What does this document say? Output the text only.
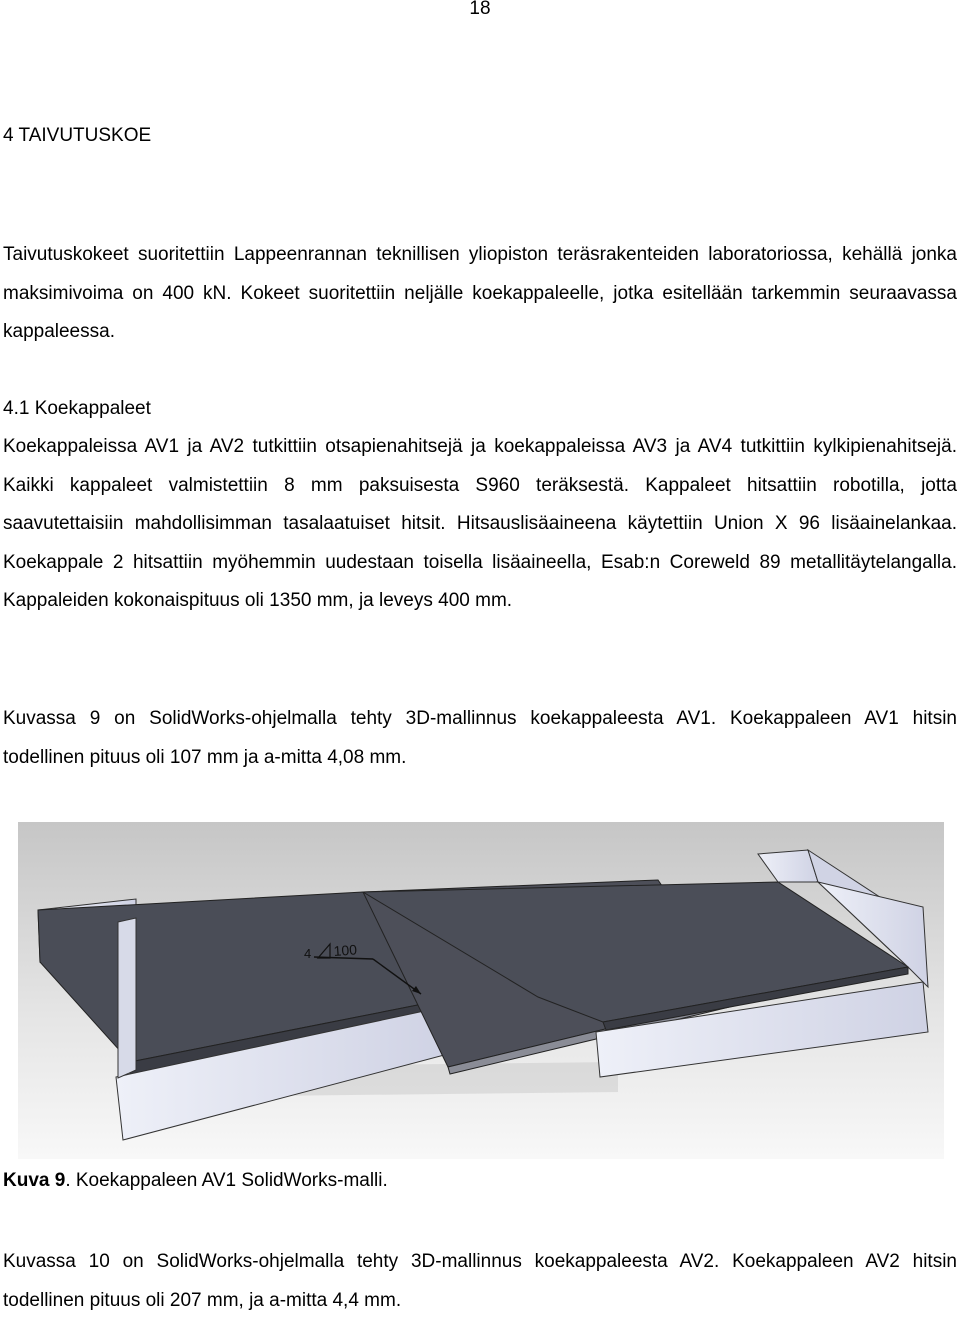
18
4 TAIVUTUSKOE

Taivutuskokeet suoritettiin Lappeenrannan teknillisen yliopiston teräsrakenteiden laboratoriossa, kehällä jonka maksimivoima on 400 kN. Kokeet suoritettiin neljälle koekappaleelle, jotka esitellään tarkemmin seuraavassa kappaleessa.

4.1 Koekappaleet

Koekappaleissa AV1 ja AV2 tutkittiin otsapienahitsejä ja koekappaleissa AV3 ja AV4 tutkittiin kylkipienahitsejä. Kaikki kappaleet valmistettiin 8 mm paksuisesta S960 teräksestä. Kappaleet hitsattiin robotilla, jotta saavutettaisiin mahdollisimman tasalaatuiset hitsit. Hitsauslisäaineena käytettiin Union X 96 lisäainelankaa. Koekappale 2 hitsattiin myöhemmin uudestaan toisella lisäaineella, Esab:n Coreweld 89 metallitäytelangalla. Kappaleiden kokonaispituus oli 1350 mm, ja leveys 400 mm.

Kuvassa 9 on SolidWorks-ohjelmalla tehty 3D-mallinnus koekappaleesta AV1. Koekappaleen AV1 hitsin todellinen pituus oli 107 mm ja a-mitta 4,08 mm.

4 100
Kuva 9. Koekappaleen AV1 SolidWorks-malli.

Kuvassa 10 on SolidWorks-ohjelmalla tehty 3D-mallinnus koekappaleesta AV2. Koekappaleen AV2 hitsin todellinen pituus oli 207 mm, ja a-mitta 4,4 mm.
